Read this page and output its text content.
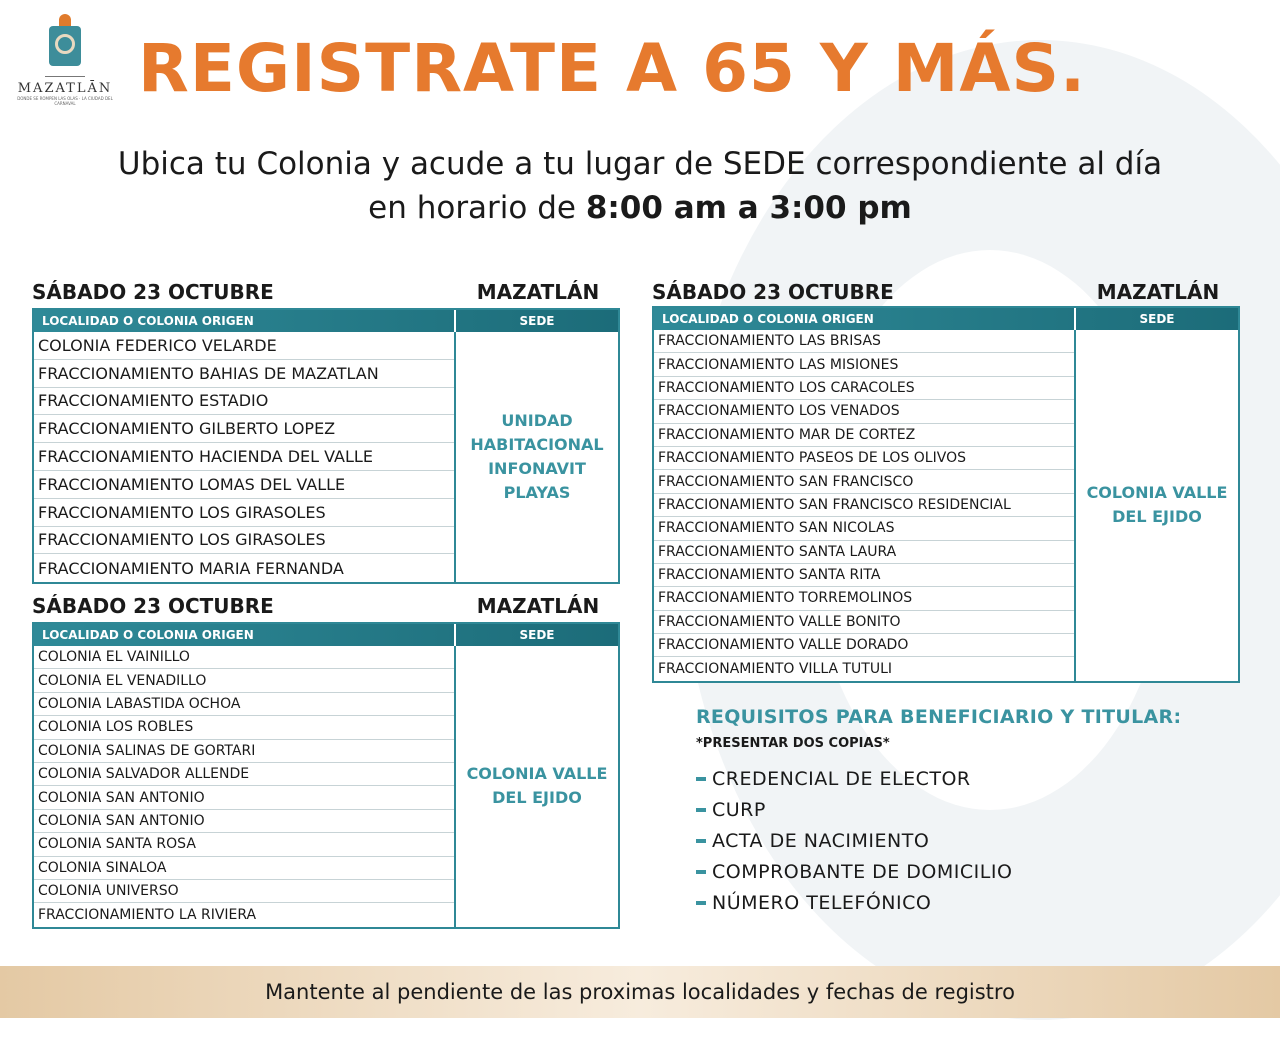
MAZATLĀN
DONDE SE ROMPEN LAS OLAS · LA CIUDAD DEL CARNAVAL REGISTRATE A 65 Y MÁS.
Ubica tu Colonia y acude a tu lugar de SEDE correspondiente al día
en horario de 8:00 am a 3:00 pm
SÁBADO 23 OCTUBRE	MAZATLÁN
LOCALIDAD O COLONIA ORIGEN	SEDE
COLONIA FEDERICO VELARDE
FRACCIONAMIENTO BAHIAS DE MAZATLAN
FRACCIONAMIENTO ESTADIO
FRACCIONAMIENTO GILBERTO LOPEZ
FRACCIONAMIENTO HACIENDA DEL VALLE
FRACCIONAMIENTO LOMAS DEL VALLE
FRACCIONAMIENTO LOS GIRASOLES
FRACCIONAMIENTO LOS GIRASOLES
FRACCIONAMIENTO MARIA FERNANDA
UNIDAD HABITACIONAL INFONAVIT PLAYAS
SÁBADO 23 OCTUBRE	MAZATLÁN
LOCALIDAD O COLONIA ORIGEN	SEDE
COLONIA EL VAINILLO
COLONIA EL VENADILLO
COLONIA LABASTIDA OCHOA
COLONIA LOS ROBLES
COLONIA SALINAS DE GORTARI
COLONIA SALVADOR ALLENDE
COLONIA SAN ANTONIO
COLONIA SAN ANTONIO
COLONIA SANTA ROSA
COLONIA SINALOA
COLONIA UNIVERSO
FRACCIONAMIENTO LA RIVIERA
COLONIA VALLE DEL EJIDO
SÁBADO 23 OCTUBRE	MAZATLÁN
LOCALIDAD O COLONIA ORIGEN	SEDE
FRACCIONAMIENTO LAS BRISAS
FRACCIONAMIENTO LAS MISIONES
FRACCIONAMIENTO LOS CARACOLES
FRACCIONAMIENTO LOS VENADOS
FRACCIONAMIENTO MAR DE CORTEZ
FRACCIONAMIENTO PASEOS DE LOS OLIVOS
FRACCIONAMIENTO SAN FRANCISCO
FRACCIONAMIENTO SAN FRANCISCO RESIDENCIAL
FRACCIONAMIENTO SAN NICOLAS
FRACCIONAMIENTO SANTA LAURA
FRACCIONAMIENTO SANTA RITA
FRACCIONAMIENTO TORREMOLINOS
FRACCIONAMIENTO VALLE BONITO
FRACCIONAMIENTO VALLE DORADO
FRACCIONAMIENTO VILLA TUTULI
COLONIA VALLE DEL EJIDO
REQUISITOS PARA BENEFICIARIO Y TITULAR:
*PRESENTAR DOS COPIAS*
CREDENCIAL DE ELECTOR
CURP
ACTA DE NACIMIENTO
COMPROBANTE DE DOMICILIO
NÚMERO TELEFÓNICO
Mantente al pendiente de las proximas localidades y fechas de registro
